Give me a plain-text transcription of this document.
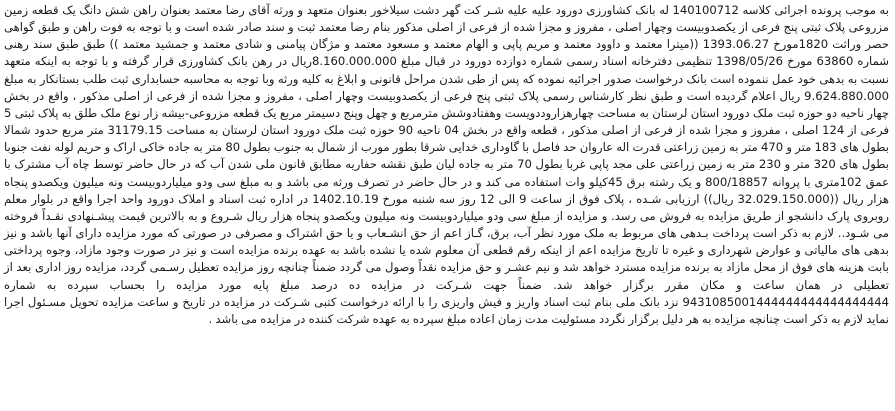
به موجب پرونده اجرائی کلاسه 140100712 له بانک کشاورزی دورود علیه علیه شـر کت گهر دشت سیلاخور بعنوان متعهد و ورثه آقای رضا معتمد بعنوان راهن شش دانگ یک قطعه زمین مزروعی پلاک ثبتی پنج فرعی از یکصدوبیست وچهار اصلی ، مفروز و مجزا شده از فرعی از اصلی مذکور بنام رضا معتمد ثبت و سند صادر شده است و با توجه به فوت راهن و طبق گواهی حصر وراثت 1820مورخ 1393.06.27 ((میترا معتمد و داوود معتمد و مریم پاپی و الهام معتمد و مسعود معتمد و مژگان پیامنی و شادی معتمد و جمشید معتمد )) طبق طبق سند رهنی شماره 63860 مورخ 1398/05/26 تنظیمی دفترخانه اسناد رسمی شماره دوازده دورود در قبال مبلغ 8.160.000.000ریال در رهن بانک کشاورزی قرار گرفته و با توجه به اینکه متعهد نسبت به بدهی خود عمل ننموده است بانک درخواست صدور اجرائیه نموده که پس از طی شدن مراحل قانونی و ابلاغ به کلیه ورثه وبا توجه به محاسبه حسابداری ثبت طلب بستانکار به مبلغ 9.624.880.000 ریال اعلام گردیده است و طبق نظر کارشناس رسمی پلاک ثبتی پنج فرعی از یکصدوبیست وچهار اصلی ، مفروز و مجزا شده از فرعی از اصلی مذکور ، واقع در بخش چهار ناحیه دو حوزه ثبت ملک دورود استان لرستان به مساحت چهارهزاروددویست وهفتادوشش مترمربع و چهل وپنج دسیمتر مربع یک قطعه مزروعی-بیشه زار نوع ملک طلق به پلاک ثبتی 5 فرعی از 124 اصلی ، مفروز و مجزا شده از فرعی از اصلی مذکور ، قطعه واقع در بخش 04 ناحیه 90 حوزه ثبت ملک دورود استان لرستان به مساحت 31179.15 متر مربع حدود شمالا بطول های 183 متر و 470 متر به زمین زراعتی قدرت اله عاروان حد فاصل با گاوداری خدایی شرقا بطور مورب از شمال به جنوب بطول 80 متر به جاده خاکی اراک و حریم لوله نفت جنوبا بطول های 320 متر و 230 متر به زمین زراعتی علی مجد پاپی غربا بطول 70 متر به جاده لیان طبق نقشه حفاریه مطابق قانون ملی شدن آب که در حال حاضر توسط چاه آب مشترک با عمق 102متری با پروانه 800/18857 و یک رشته برق 45کیلو وات استفاده می کند و در حال حاضر در تصرف ورثه می باشد و به مبلغ سی ودو میلیاردوبیست ونه میلیون ویکصدو پنجاه هزار ریال ((32.029.150.000 ریال)) ارزیابی شـده ، پلاک فوق از ساعت 9 الی 12 روز سه شنبه مورخ 1402.10.19 در اداره ثبت اسناد و املاک دورود واحد اجرا واقع در بلوار معلم روبروی پارک دانشجو از طریق مزایده به فروش می رسد. و مزایده از مبلغ سی ودو میلیاردوبیست ونه میلیون ویکصدو پنجاه هزار ریال شـروع و به بالاترین قیمت پیشـنهادی نقـداً فروخته می شـود.. لازم به ذکر است پرداخت بـدهی های مربوط به ملک مورد نظر آب، برق، گـاز اعم از حق انشـعاب و یا حق اشتراک و مصرفی در صورتی که مورد مزایده دارای آنها باشد و نیز بدهی های مالیاتی و عوارض شهرداری و غیره تا تاریخ مزایده اعم از اینکه رقم قطعی آن معلوم شده یا نشده باشد به عهده برنده مزایده است و نیز در صورت وجود مازاد، وجوه پرداختی بابت هزینه های فوق از محل مازاد به برنده مزایده مسترد خواهد شد و نیم عشـر و حق مزایده نقداً وصول می گردد ضمناً چنانچه روز مزایده تعطیل رسـمی گردد، مزایده روز اداری بعد از تعطیلی در همان ساعت و مکان مقرر برگزار خواهد شد. ضمناً جهت شـرکت در مزایده ده درصد مبلغ پایه مورد مزایده را بحساب سپرده به شماره 9431085001444444444444444444 نزد بانک ملی بنام ثبت اسناد واریز و فیش واریزی را با ارائه درخواست کتبی شـرکت در مزایده در تاریخ و ساعت مزایده تحویل مسـئول اجرا نماید لازم به ذکر است چنانچه مزایده به هر دلیل برگزار نگردد مسئولیت مدت زمان اعاده مبلغ سپرده به عهده شرکت کننده در مزایده می باشد .
